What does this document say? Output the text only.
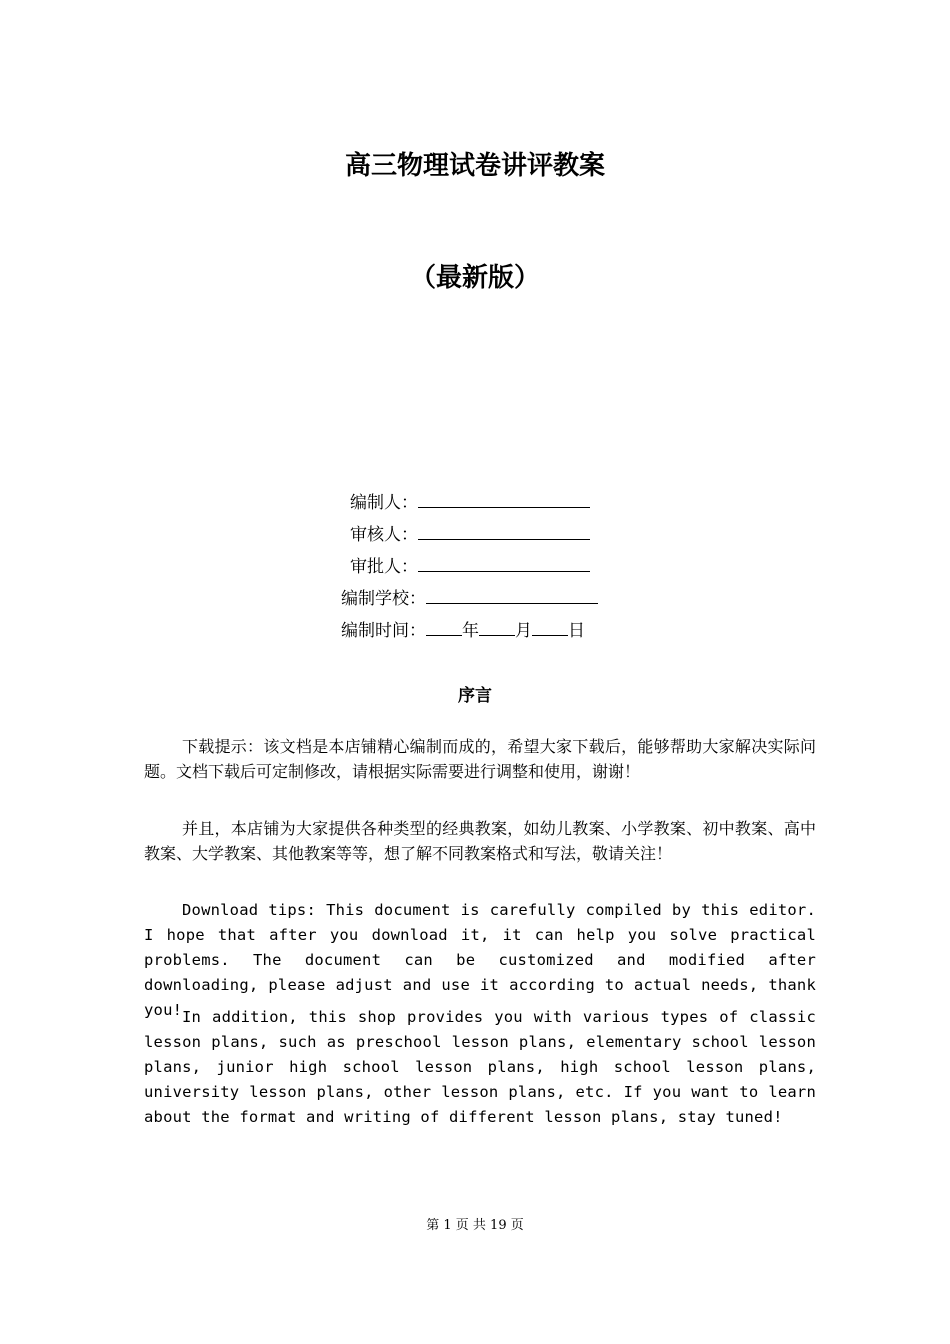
高三物理试卷讲评教案
（最新版）
编制人：
审核人：
审批人：
编制学校：
编制时间： 年 月 日
序言

下载提示：该文档是本店铺精心编制而成的，希望大家下载后，能够帮助大家解决实际问题。文档下载后可定制修改，请根据实际需要进行调整和使用，谢谢！

并且，本店铺为大家提供各种类型的经典教案，如幼儿教案、小学教案、初中教案、高中教案、大学教案、其他教案等等，想了解不同教案格式和写法，敬请关注！

Download tips: This document is carefully compiled by this editor. I hope that after you download it, it can help you solve practical problems. The document can be customized and modified after downloading, please adjust and use it according to actual needs, thank you! In addition, this shop provides you with various types of classic lesson plans, such as preschool lesson plans, elementary school lesson plans, junior high school lesson plans, high school lesson plans, university lesson plans, other lesson plans, etc. If you want to learn about the format and writing of different lesson plans, stay tuned!

第 1 页 共 19 页
